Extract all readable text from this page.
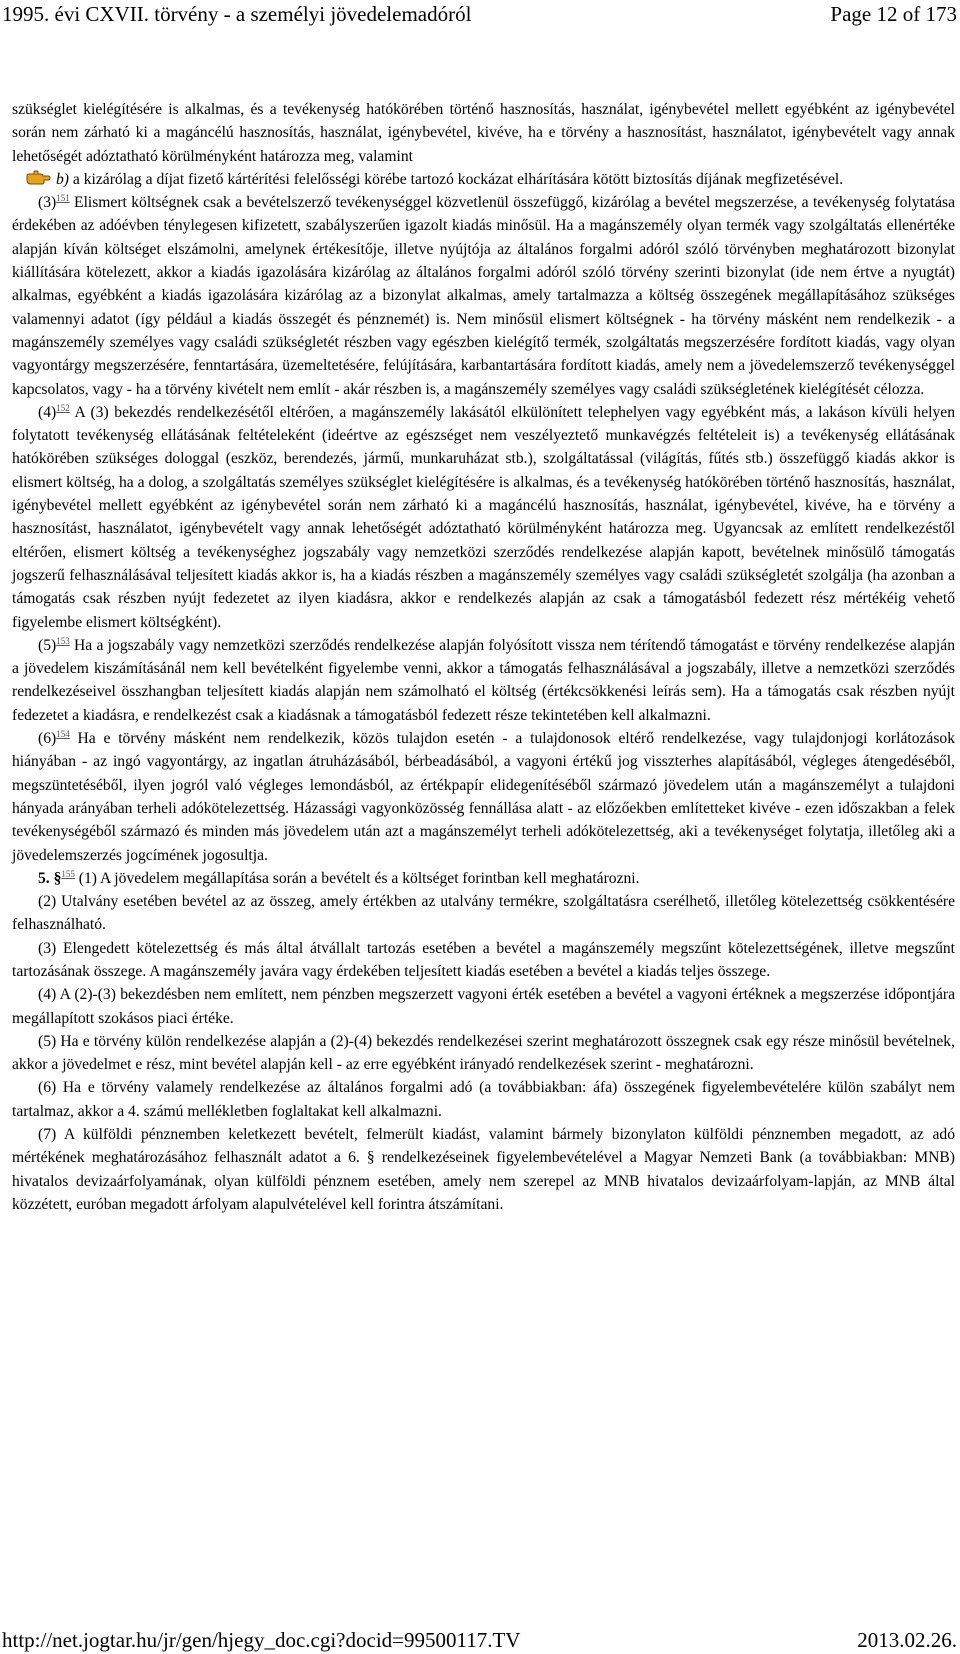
1995. évi CXVII. törvény - a személyi jövedelemadóról	Page 12 of 173

szükséglet kielégítésére is alkalmas, és a tevékenység hatókörében történő hasznosítás, használat, igénybevétel mellett egyébként az igénybevétel során nem zárható ki a magáncélú hasznosítás, használat, igénybevétel, kivéve, ha e törvény a hasznosítást, használatot, igénybevételt vagy annak lehetőségét adóztatható körülményként határozza meg, valamint

b) a kizárólag a díjat fizető kártérítési felelősségi körébe tartozó kockázat elhárítására kötött biztosítás díjának megfizetésével.

(3)$^{151}$ Elismert költségnek csak a bevételszerző tevékenységgel közvetlenül összefüggő, kizárólag a bevétel megszerzése, a tevékenység folytatása érdekében az adóévben ténylegesen kifizetett, szabályszerűen igazolt kiadás minősül. Ha a magánszemély olyan termék vagy szolgáltatás ellenértéke alapján kíván költséget elszámolni, amelynek értékesítője, illetve nyújtója az általános forgalmi adóról szóló törvényben meghatározott bizonylat kiállítására kötelezett, akkor a kiadás igazolására kizárólag az általános forgalmi adóról szóló törvény szerinti bizonylat (ide nem értve a nyugtát) alkalmas, egyébként a kiadás igazolására kizárólag az a bizonylat alkalmas, amely tartalmazza a költség összegének megállapításához szükséges valamennyi adatot (így például a kiadás összegét és pénznemét) is. Nem minősül elismert költségnek - ha törvény másként nem rendelkezik - a magánszemély személyes vagy családi szükségletét részben vagy egészben kielégítő termék, szolgáltatás megszerzésére fordított kiadás, vagy olyan vagyontárgy megszerzésére, fenntartására, üzemeltetésére, felújítására, karbantartására fordított kiadás, amely nem a jövedelemszerző tevékenységgel kapcsolatos, vagy - ha a törvény kivételt nem említ - akár részben is, a magánszemély személyes vagy családi szükségletének kielégítését célozza.

(4)$^{152}$ A (3) bekezdés rendelkezésétől eltérően, a magánszemély lakásától elkülönített telephelyen vagy egyébként más, a lakáson kívüli helyen folytatott tevékenység ellátásának feltételeként (ideértve az egészséget nem veszélyeztető munkavégzés feltételeit is) a tevékenység ellátásának hatókörében szükséges dologgal (eszköz, berendezés, jármű, munkaruházat stb.), szolgáltatással (világítás, fűtés stb.) összefüggő kiadás akkor is elismert költség, ha a dolog, a szolgáltatás személyes szükséglet kielégítésére is alkalmas, és a tevékenység hatókörében történő hasznosítás, használat, igénybevétel mellett egyébként az igénybevétel során nem zárható ki a magáncélú hasznosítás, használat, igénybevétel, kivéve, ha e törvény a hasznosítást, használatot, igénybevételt vagy annak lehetőségét adóztatható körülményként határozza meg. Ugyancsak az említett rendelkezéstől eltérően, elismert költség a tevékenységhez jogszabály vagy nemzetközi szerződés rendelkezése alapján kapott, bevételnek minősülő támogatás jogszerű felhasználásával teljesített kiadás akkor is, ha a kiadás részben a magánszemély személyes vagy családi szükségletét szolgálja (ha azonban a támogatás csak részben nyújt fedezetet az ilyen kiadásra, akkor e rendelkezés alapján az csak a támogatásból fedezett rész mértékéig vehető figyelembe elismert költségként).

(5)$^{153}$ Ha a jogszabály vagy nemzetközi szerződés rendelkezése alapján folyósított vissza nem térítendő támogatást e törvény rendelkezése alapján a jövedelem kiszámításánál nem kell bevételként figyelembe venni, akkor a támogatás felhasználásával a jogszabály, illetve a nemzetközi szerződés rendelkezéseivel összhangban teljesített kiadás alapján nem számolható el költség (értékcsökkenési leírás sem). Ha a támogatás csak részben nyújt fedezetet a kiadásra, e rendelkezést csak a kiadásnak a támogatásból fedezett része tekintetében kell alkalmazni.

(6)$^{154}$ Ha e törvény másként nem rendelkezik, közös tulajdon esetén - a tulajdonosok eltérő rendelkezése, vagy tulajdonjogi korlátozások hiányában - az ingó vagyontárgy, az ingatlan átruházásából, bérbeadásából, a vagyoni értékű jog visszterhes alapításából, végleges átengedéséből, megszüntetéséből, ilyen jogról való végleges lemondásból, az értékpapír elidegenítéséből származó jövedelem után a magánszemélyt a tulajdoni hányada arányában terheli adókötelezettség. Házassági vagyonközösség fennállása alatt - az előzőekben említetteket kivéve - ezen időszakban a felek tevékenységéből származó és minden más jövedelem után azt a magánszemélyt terheli adókötelezettség, aki a tevékenységet folytatja, illetőleg aki a jövedelemszerzés jogcímének jogosultja.

5. §$^{155}$ (1) A jövedelem megállapítása során a bevételt és a költséget forintban kell meghatározni.

(2) Utalvány esetében bevétel az az összeg, amely értékben az utalvány termékre, szolgáltatásra cserélhető, illetőleg kötelezettség csökkentésére felhasználható.

(3) Elengedett kötelezettség és más által átvállalt tartozás esetében a bevétel a magánszemély megszűnt kötelezettségének, illetve megszűnt tartozásának összege. A magánszemély javára vagy érdekében teljesített kiadás esetében a bevétel a kiadás teljes összege.

(4) A (2)-(3) bekezdésben nem említett, nem pénzben megszerzett vagyoni érték esetében a bevétel a vagyoni értéknek a megszerzése időpontjára megállapított szokásos piaci értéke.

(5) Ha e törvény külön rendelkezése alapján a (2)-(4) bekezdés rendelkezései szerint meghatározott összegnek csak egy része minősül bevételnek, akkor a jövedelmet e rész, mint bevétel alapján kell - az erre egyébként irányadó rendelkezések szerint - meghatározni.

(6) Ha e törvény valamely rendelkezése az általános forgalmi adó (a továbbiakban: áfa) összegének figyelembevételére külön szabályt nem tartalmaz, akkor a 4. számú mellékletben foglaltakat kell alkalmazni.

(7) A külföldi pénznemben keletkezett bevételt, felmerült kiadást, valamint bármely bizonylaton külföldi pénznemben megadott, az adó mértékének meghatározásához felhasznált adatot a 6. § rendelkezéseinek figyelembevételével a Magyar Nemzeti Bank (a továbbiakban: MNB) hivatalos devizaárfolyamának, olyan külföldi pénznem esetében, amely nem szerepel az MNB hivatalos devizaárfolyam-lapján, az MNB által közzétett, euróban megadott árfolyam alapulvételével kell forintra átszámítani.

http://net.jogtar.hu/jr/gen/hjegy_doc.cgi?docid=99500117.TV	2013.02.26.
